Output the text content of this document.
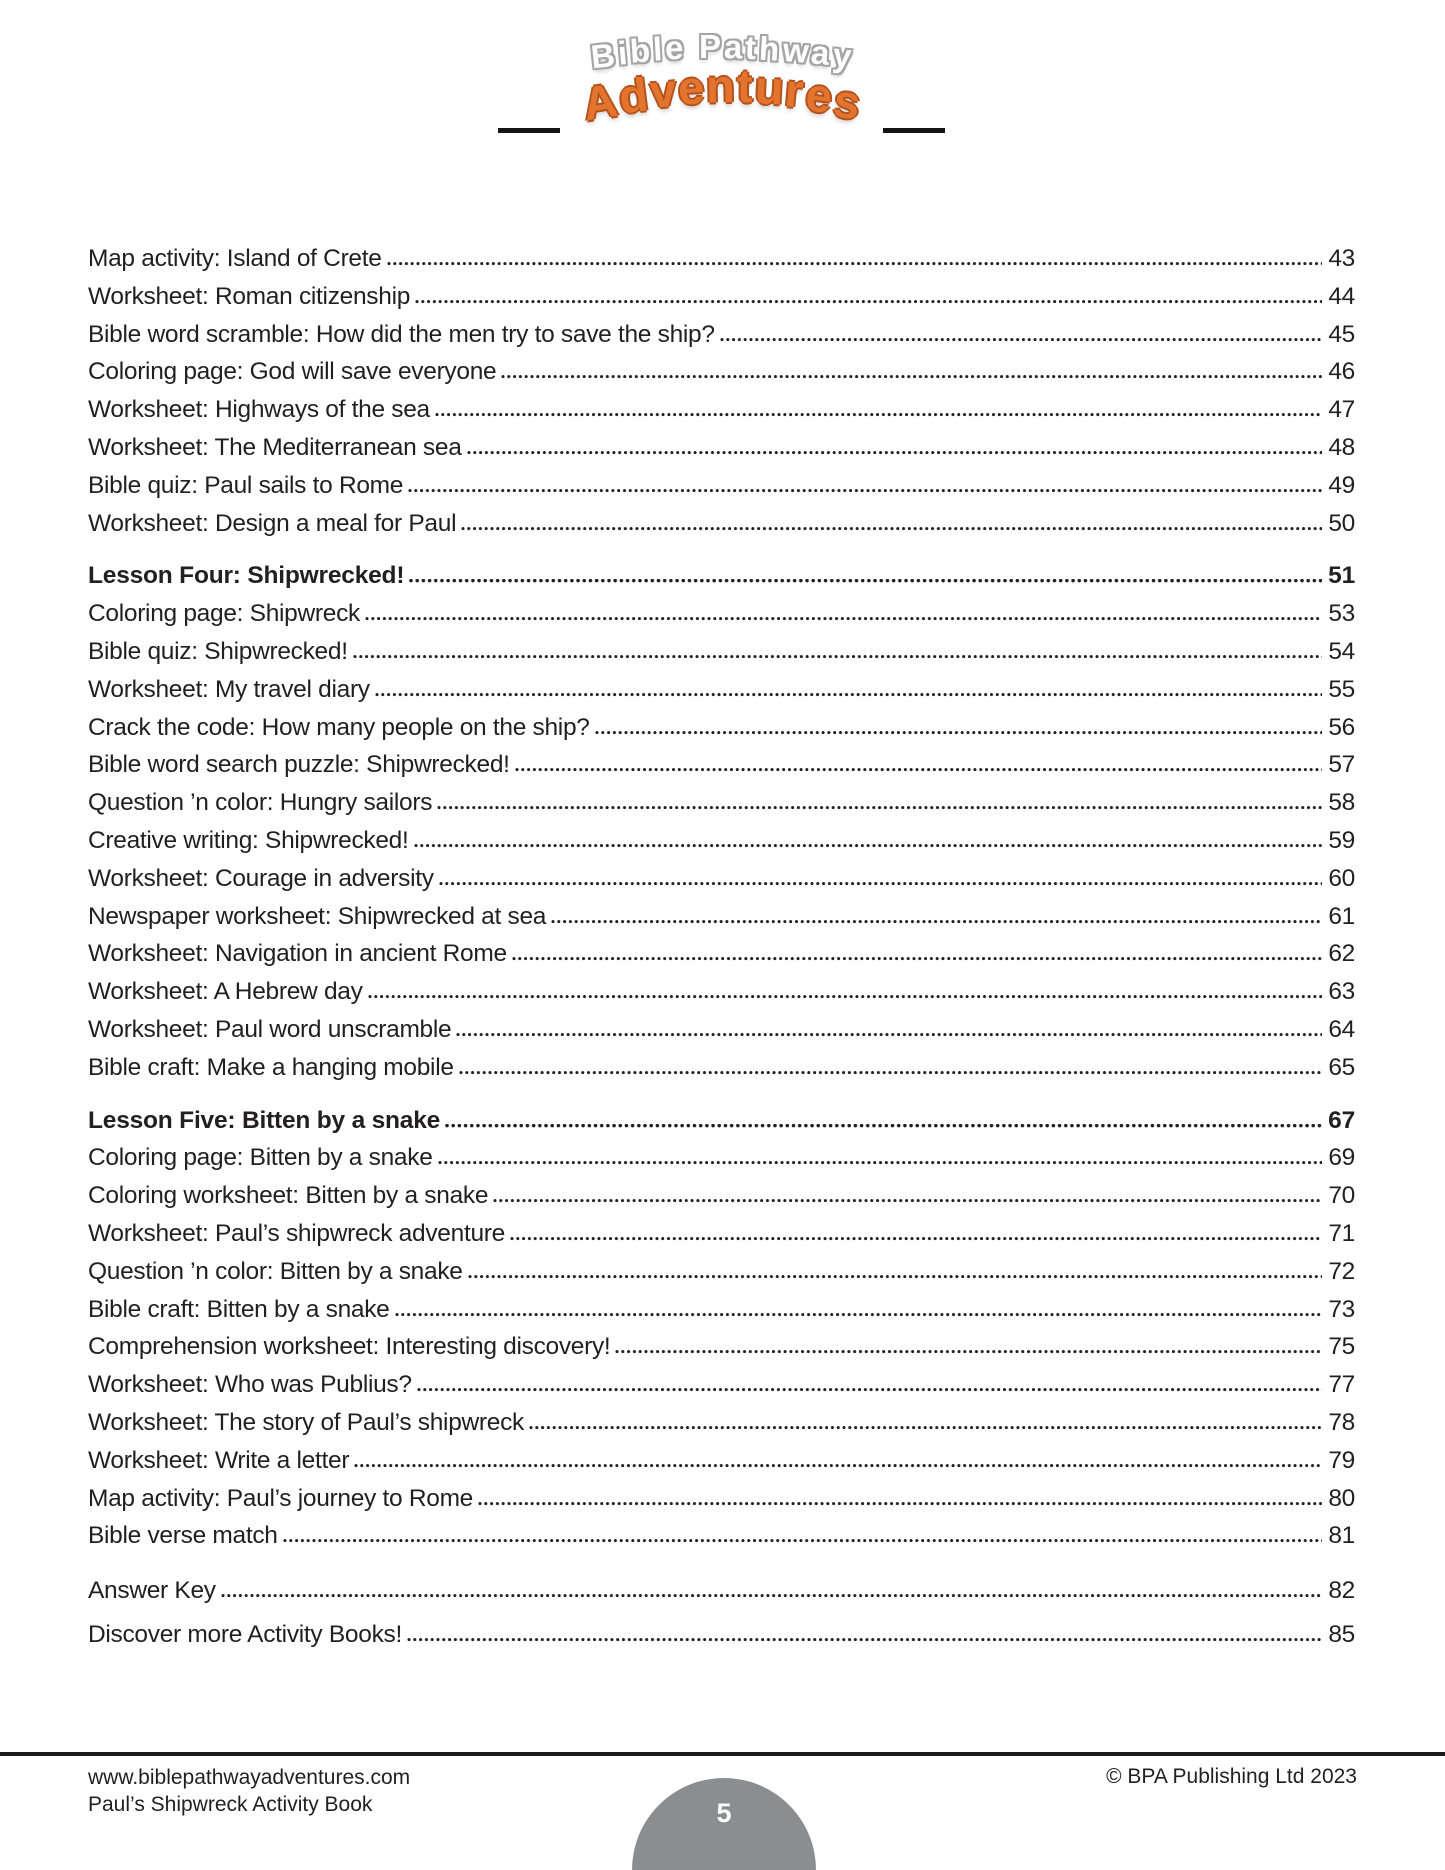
Bible Pathway
Adventures
Map activity: Island of Crete	43
Worksheet: Roman citizenship	44
Bible word scramble: How did the men try to save the ship?	45
Coloring page: God will save everyone	46
Worksheet: Highways of the sea	47
Worksheet: The Mediterranean sea	48
Bible quiz: Paul sails to Rome	49
Worksheet: Design a meal for Paul	50
Lesson Four: Shipwrecked!	51
Coloring page: Shipwreck	53
Bible quiz: Shipwrecked!	54
Worksheet: My travel diary	55
Crack the code: How many people on the ship?	56
Bible word search puzzle: Shipwrecked!	57
Question ’n color: Hungry sailors	58
Creative writing: Shipwrecked!	59
Worksheet: Courage in adversity	60
Newspaper worksheet: Shipwrecked at sea	61
Worksheet: Navigation in ancient Rome	62
Worksheet: A Hebrew day	63
Worksheet: Paul word unscramble	64
Bible craft: Make a hanging mobile	65
Lesson Five: Bitten by a snake	67
Coloring page: Bitten by a snake	69
Coloring worksheet: Bitten by a snake	70
Worksheet: Paul’s shipwreck adventure	71
Question ’n color: Bitten by a snake	72
Bible craft: Bitten by a snake	73
Comprehension worksheet: Interesting discovery!	75
Worksheet: Who was Publius?	77
Worksheet: The story of Paul’s shipwreck	78
Worksheet: Write a letter	79
Map activity: Paul’s journey to Rome	80
Bible verse match	81
Answer Key	82
Discover more Activity Books!	85
www.biblepathwayadventures.com
Paul’s Shipwreck Activity Book
© BPA Publishing Ltd 2023
5
